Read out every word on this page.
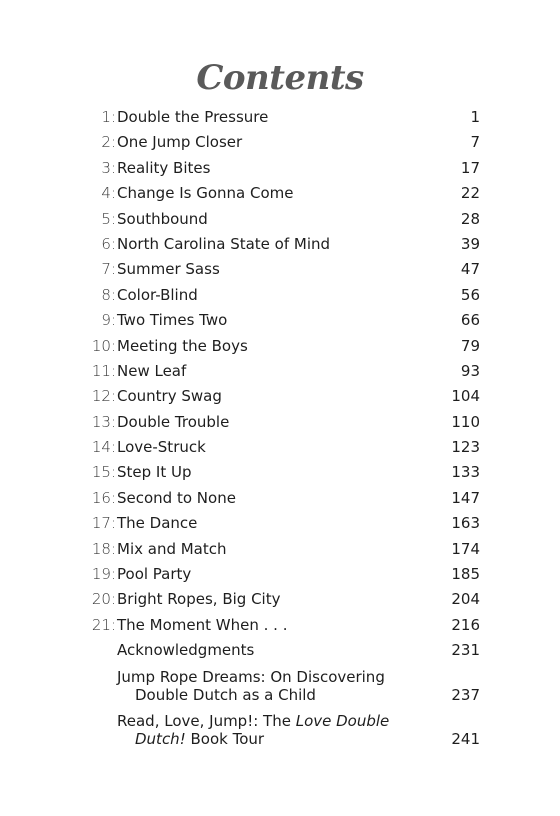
Contents
1: Double the Pressure	1
2: One Jump Closer	7
3: Reality Bites	17
4: Change Is Gonna Come	22
5: Southbound	28
6: North Carolina State of Mind	39
7: Summer Sass	47
8: Color-Blind	56
9: Two Times Two	66
10: Meeting the Boys	79
11: New Leaf	93
12: Country Swag	104
13: Double Trouble	110
14: Love-Struck	123
15: Step It Up	133
16: Second to None	147
17: The Dance	163
18: Mix and Match	174
19: Pool Party	185
20: Bright Ropes, Big City	204
21: The Moment When . . .	216
Acknowledgments	231
Jump Rope Dreams: On Discovering
Double Dutch as a Child	237
Read, Love, Jump!: The Love Double
Dutch! Book Tour	241
